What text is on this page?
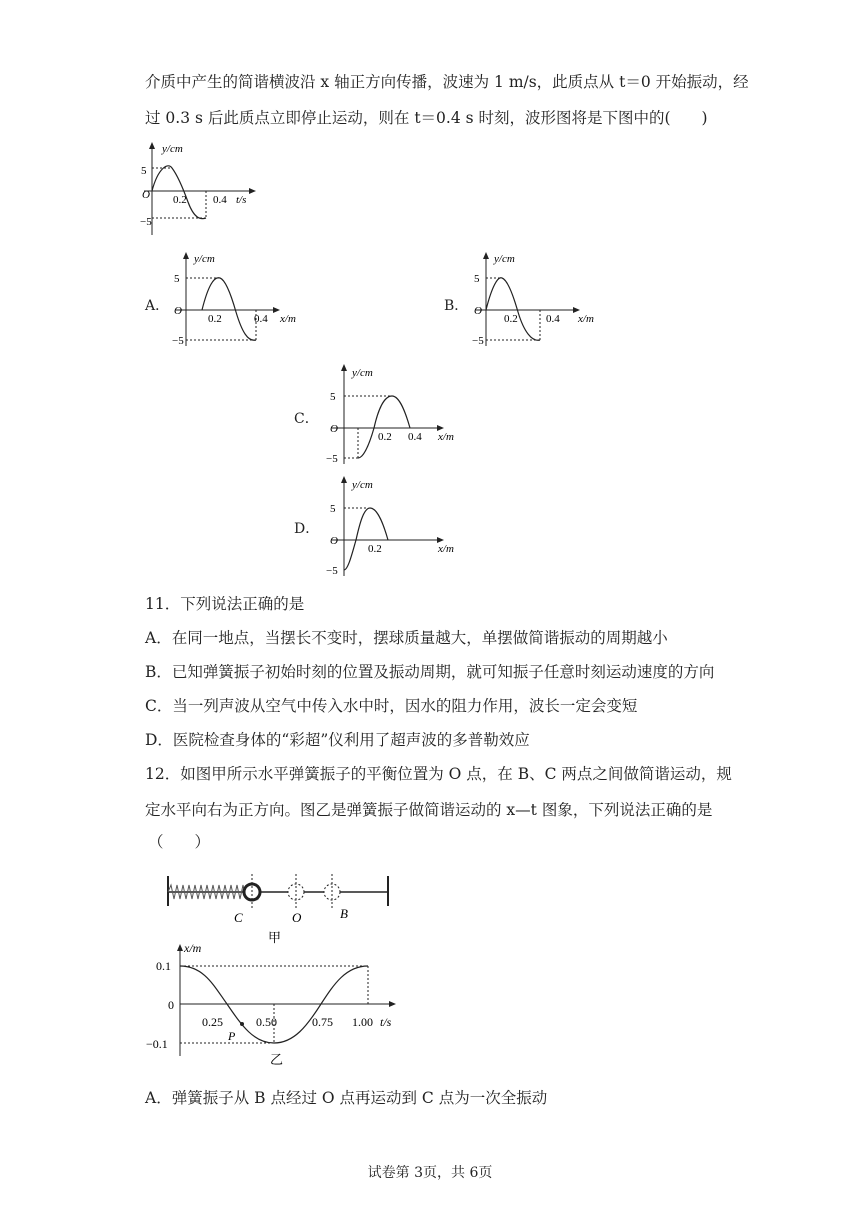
介质中产生的简谐横波沿 x 轴正方向传播，波速为 1 m/s，此质点从 t＝0 开始振动，经
过 0.3 s 后此质点立即停止运动，则在 t＝0.4 s 时刻，波形图将是下图中的(　　)
y/cm
5
O
−5
0.2 0.4 t/s
A．
y/cm
5
O
−5
0.2	0.4 x/m
B．
y/cm
5
O
−5
0.2	0.4 x/m
C．
y/cm
5
O
−5
0.2 0.4 x/m
D．
y/cm
5
O
−5
0.2	x/m
11．下列说法正确的是
A．在同一地点，当摆长不变时，摆球质量越大，单摆做简谐振动的周期越小
B．已知弹簧振子初始时刻的位置及振动周期，就可知振子任意时刻运动速度的方向
C．当一列声波从空气中传入水中时，因水的阻力作用，波长一定会变短
D．医院检查身体的“彩超”仪利用了超声波的多普勒效应
12．如图甲所示水平弹簧振子的平衡位置为 O 点，在 B、C 两点之间做简谐运动，规
定水平向右为正方向。图乙是弹簧振子做简谐运动的 x—t 图象，下列说法正确的是
（　　）
C	O	B
甲
x/m
0.1
0
−0.1
0.25	0.50	0.75 1.00 t/s
P
乙
A．弹簧振子从 B 点经过 O 点再运动到 C 点为一次全振动
试卷第 3页，共 6页
